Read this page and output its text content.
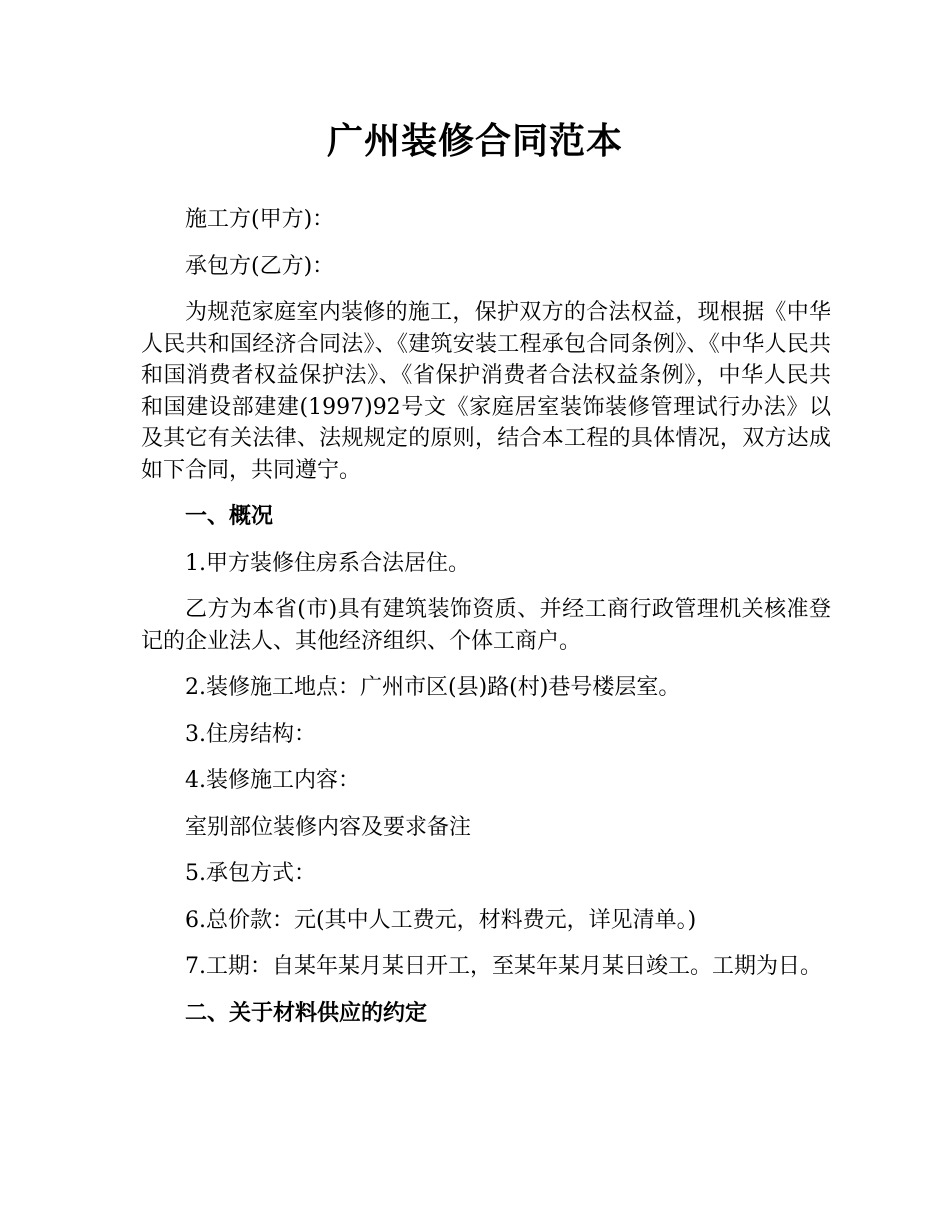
广州装修合同范本

施工方(甲方)：

承包方(乙方)：

为规范家庭室内装修的施工，保护双方的合法权益，现根据《中华人民共和国经济合同法》、《建筑安装工程承包合同条例》、《中华人民共和国消费者权益保护法》、《省保护消费者合法权益条例》，中华人民共和国建设部建建(1997)92号文《家庭居室装饰装修管理试行办法》以及其它有关法律、法规规定的原则，结合本工程的具体情况，双方达成如下合同，共同遵宁。

一、概况

1.甲方装修住房系合法居住。

乙方为本省(市)具有建筑装饰资质、并经工商行政管理机关核准登记的企业法人、其他经济组织、个体工商户。

2.装修施工地点：广州市区(县)路(村)巷号楼层室。

3.住房结构：

4.装修施工内容：

室别部位装修内容及要求备注

5.承包方式：

6.总价款：元(其中人工费元，材料费元，详见清单。)

7.工期：自某年某月某日开工，至某年某月某日竣工。工期为日。

二、关于材料供应的约定
